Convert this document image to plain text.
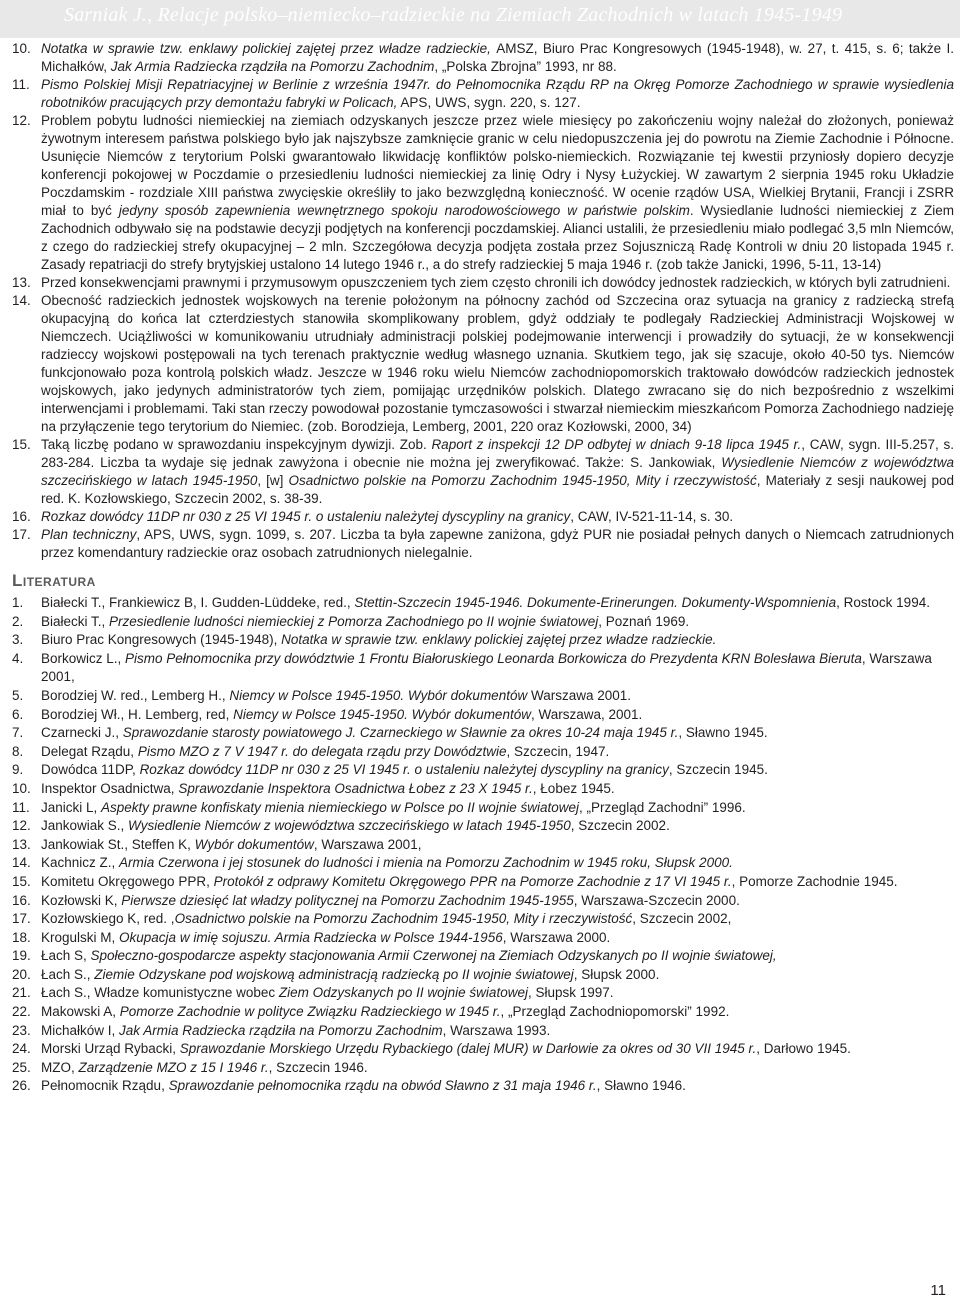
Sarniak J., Relacje polsko–niemiecko–radzieckie na Ziemiach Zachodnich w latach 1945-1949
10. Notatka w sprawie tzw. enklawy polickiej zajętej przez władze radzieckie, AMSZ, Biuro Prac Kongresowych (1945-1948), w. 27, t. 415, s. 6; także I. Michałków, Jak Armia Radziecka rządziła na Pomorzu Zachodnim, „Polska Zbrojna” 1993, nr 88.
11. Pismo Polskiej Misji Repatriacyjnej w Berlinie z września 1947r. do Pełnomocnika Rządu RP na Okręg Pomorze Zachodniego w sprawie wysiedlenia robotników pracujących przy demontażu fabryki w Policach, APS, UWS, sygn. 220, s. 127.
12. Problem pobytu ludności niemieckiej na ziemiach odzyskanych jeszcze przez wiele miesięcy po zakończeniu wojny należał do złożonych, ponieważ żywotnym interesem państwa polskiego było jak najszybsze zamknięcie granic w celu niedopuszczenia jej do powrotu na Ziemie Zachodnie i Północne. Usunięcie Niemców z terytorium Polski gwarantowało likwidację konfliktów polsko-niemieckich. Rozwiązanie tej kwestii przyniosły dopiero decyzje konferencji pokojowej w Poczdamie o przesiedleniu ludności niemieckiej za linię Odry i Nysy Łużyckiej. W zawartym 2 sierpnia 1945 roku Układzie Poczdamskim - rozdziale XIII państwa zwycięskie określiły to jako bezwzględną konieczność. W ocenie rządów USA, Wielkiej Brytanii, Francji i ZSRR miał to być jedyny sposób zapewnienia wewnętrznego spokoju narodowościowego w państwie polskim. Wysiedlanie ludności niemieckiej z Ziem Zachodnich odbywało się na podstawie decyzji podjętych na konferencji poczdamskiej. Alianci ustalili, że przesiedleniu miało podlegać 3,5 mln Niemców, z czego do radzieckiej strefy okupacyjnej – 2 mln. Szczegółowa decyzja podjęta została przez Sojuszniczą Radę Kontroli w dniu 20 listopada 1945 r. Zasady repatriacji do strefy brytyjskiej ustalono 14 lutego 1946 r., a do strefy radzieckiej 5 maja 1946 r. (zob także Janicki, 1996, 5-11, 13-14)
13. Przed konsekwencjami prawnymi i przymusowym opuszczeniem tych ziem często chronili ich dowódcy jednostek radzieckich, w których byli zatrudnieni.
14. Obecność radzieckich jednostek wojskowych na terenie położonym na północny zachód od Szczecina oraz sytuacja na granicy z radziecką strefą okupacyjną do końca lat czterdziestych stanowiła skomplikowany problem, gdyż oddziały te podlegały Radzieckiej Administracji Wojskowej w Niemczech. Uciążliwości w komunikowaniu utrudniały administracji polskiej podejmowanie interwencji i prowadziły do sytuacji, że w konsekwencji radzieccy wojskowi postępowali na tych terenach praktycznie według własnego uznania. Skutkiem tego, jak się szacuje, około 40-50 tys. Niemców funkcjonowało poza kontrolą polskich władz. Jeszcze w 1946 roku wielu Niemców zachodniopomorskich traktowało dowódców radzieckich jednostek wojskowych, jako jedynych administratorów tych ziem, pomijając urzędników polskich. Dlatego zwracano się do nich bezpośrednio z wszelkimi interwencjami i problemami. Taki stan rzeczy powodował pozostanie tymczasowości i stwarzał niemieckim mieszkańcom Pomorza Zachodniego nadzieję na przyłączenie tego terytorium do Niemiec. (zob. Borodziejа, Lemberg, 2001, 220 oraz Kozłowski, 2000, 34)
15. Taką liczbę podano w sprawozdaniu inspekcyjnym dywizji. Zob. Raport z inspekcji 12 DP odbytej w dniach 9-18 lipca 1945 r., CAW, sygn. III-5.257, s. 283-284. Liczba ta wydaje się jednak zawyżona i obecnie nie można jej zweryfikować. Także: S. Jankowiak, Wysiedlenie Niemców z województwa szczecińskiego w latach 1945-1950, [w] Osadnictwo polskie na Pomorzu Zachodnim 1945-1950, Mity i rzeczywistość, Materiały z sesji naukowej pod red. K. Kozłowskiego, Szczecin 2002, s. 38-39.
16. Rozkaz dowódcy 11DP nr 030 z 25 VI 1945 r. o ustaleniu należytej dyscypliny na granicy, CAW, IV-521-11-14, s. 30.
17. Plan techniczny, APS, UWS, sygn. 1099, s. 207. Liczba ta była zapewne zaniżona, gdyż PUR nie posiadał pełnych danych o Niemcach zatrudnionych przez komendantury radzieckie oraz osobach zatrudnionych nielegalnie.
Literatura
1.	Białecki T., Frankiewicz B, I. Gudden-Lüddeke, red., Stettin-Szczecin 1945-1946. Dokumente-Erinerungen. Dokumenty-Wspomnienia, Rostock 1994.
2.	Białecki T., Przesiedlenie ludności niemieckiej z Pomorza Zachodniego po II wojnie światowej, Poznań 1969.
3.	Biuro Prac Kongresowych (1945-1948), Notatka w sprawie tzw. enklawy polickiej zajętej przez władze radzieckie.
4.	Borkowicz L., Pismo Pełnomocnika przy dowództwie 1 Frontu Białoruskiego Leonarda Borkowicza do Prezydenta KRN Bolesława Bieruta, Warszawa 2001,
5.	Borodziej W. red., Lemberg H., Niemcy w Polsce 1945-1950. Wybór dokumentów Warszawa 2001.
6.	Borodziej Wł., H. Lemberg, red, Niemcy w Polsce 1945-1950. Wybór dokumentów, Warszawa, 2001.
7.	Czarnecki J., Sprawozdanie starosty powiatowego J. Czarneckiego w Sławnie za okres 10-24 maja 1945 r., Sławno 1945.
8.	Delegat Rządu, Pismo MZO z 7 V 1947 r. do delegata rządu przy Dowództwie, Szczecin, 1947.
9.	Dowódca 11DP, Rozkaz dowódcy 11DP nr 030 z 25 VI 1945 r. o ustaleniu należytej dyscypliny na granicy, Szczecin 1945.
10. Inspektor Osadnictwa, Sprawozdanie Inspektora Osadnictwa Łobez z 23 X 1945 r., Łobez 1945.
11. Janicki L, Aspekty prawne konfiskaty mienia niemieckiego w Polsce po II wojnie światowej, „Przegląd Zachodni” 1996.
12. Jankowiak S., Wysiedlenie Niemców z województwa szczecińskiego w latach 1945-1950, Szczecin 2002.
13. Jankowiak St., Steffen K, Wybór dokumentów, Warszawa 2001,
14. Kachnicz Z., Armia Czerwona i jej stosunek do ludności i mienia na Pomorzu Zachodnim w 1945 roku, Słupsk 2000.
15. Komitetu Okręgowego PPR, Protokół z odprawy Komitetu Okręgowego PPR na Pomorze Zachodnie z 17 VI 1945 r., Pomorze Zachodnie 1945.
16. Kozłowski K, Pierwsze dziesięć lat władzy politycznej na Pomorzu Zachodnim 1945-1955, Warszawa-Szczecin 2000.
17. Kozłowskiego K, red. ,Osadnictwo polskie na Pomorzu Zachodnim 1945-1950, Mity i rzeczywistość, Szczecin 2002,
18. Krogulski M, Okupacja w imię sojuszu. Armia Radziecka w Polsce 1944-1956, Warszawa 2000.
19. Łach S, Społeczno-gospodarcze aspekty stacjonowania Armii Czerwonej na Ziemiach Odzyskanych po II wojnie światowej,
20. Łach S., Ziemie Odzyskane pod wojskową administracją radziecką po II wojnie światowej, Słupsk 2000.
21. Łach S., Władze komunistyczne wobec Ziem Odzyskanych po II wojnie światowej, Słupsk 1997.
22. Makowski A, Pomorze Zachodnie w polityce Związku Radzieckiego w 1945 r., „Przegląd Zachodniopomorski” 1992.
23. Michałków I, Jak Armia Radziecka rządziła na Pomorzu Zachodnim, Warszawa 1993.
24. Morski Urząd Rybacki, Sprawozdanie Morskiego Urzędu Rybackiego (dalej MUR) w Darłowie za okres od 30 VII 1945 r., Darłowo 1945.
25. MZO, Zarządzenie MZO z 15 I 1946 r., Szczecin 1946.
26. Pełnomocnik Rządu, Sprawozdanie pełnomocnika rządu na obwód Sławno z 31 maja 1946 r., Sławno 1946.
11
